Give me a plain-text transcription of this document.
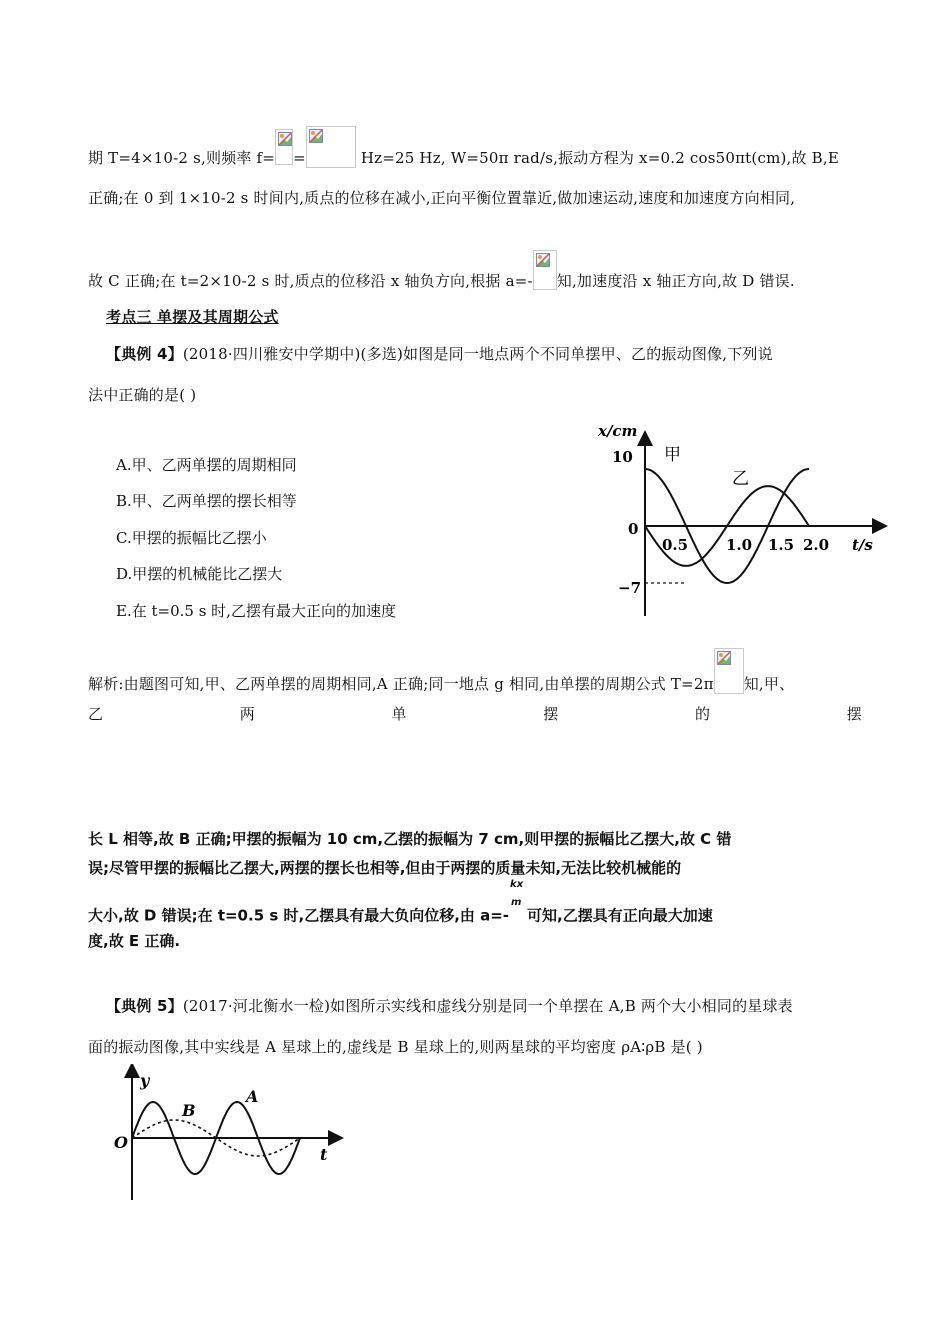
期 T=4×10-2 s,则频率 f= =	Hz=25 Hz, W=50π rad/s,振动方程为 x=0.2 cos50πt(cm),故 B,E
正确;在 0 到 1×10-2 s 时间内,质点的位移在减小,正向平衡位置靠近,做加速运动,速度和加速度方向相同,
故 C 正确;在 t=2×10-2 s 时,质点的位移沿 x 轴负方向,根据 a=- 知,加速度沿 x 轴正方向,故 D 错误.
考点三 单摆及其周期公式
【典例 4】(2018·四川雅安中学期中)(多选)如图是同一地点两个不同单摆甲、乙的振动图像,下列说
法中正确的是( )
A.甲、乙两单摆的周期相同
B.甲、乙两单摆的摆长相等
C.甲摆的振幅比乙摆小
D.甲摆的机械能比乙摆大
E.在 t=0.5 s 时,乙摆有最大正向的加速度
x/cm
t/s
10
0
−7
0.5	1.0 1.5 2.0
甲
乙
解析:由题图可知,甲、乙两单摆的周期相同,A 正确;同一地点 g 相同,由单摆的周期公式 T=2π 知,甲、
乙	两	单	摆	的	摆
长 L 相等,故 B 正确;甲摆的振幅为 10 cm,乙摆的振幅为 7 cm,则甲摆的振幅比乙摆大,故 C 错
误;尽管甲摆的振幅比乙摆大,两摆的摆长也相等,但由于两摆的质量未知,无法比较机械能的
大小,故 D 错误;在 t=0.5 s 时,乙摆具有最大负向位移,由 a=-
kx
m
可知,乙摆具有正向最大加速
度,故 E 正确.
【典例 5】(2017·河北衡水一检)如图所示实线和虚线分别是同一个单摆在 A,B 两个大小相同的星球表
面的振动图像,其中实线是 A 星球上的,虚线是 B 星球上的,则两星球的平均密度 ρA∶ρB 是( )
y
t
O
A
B
